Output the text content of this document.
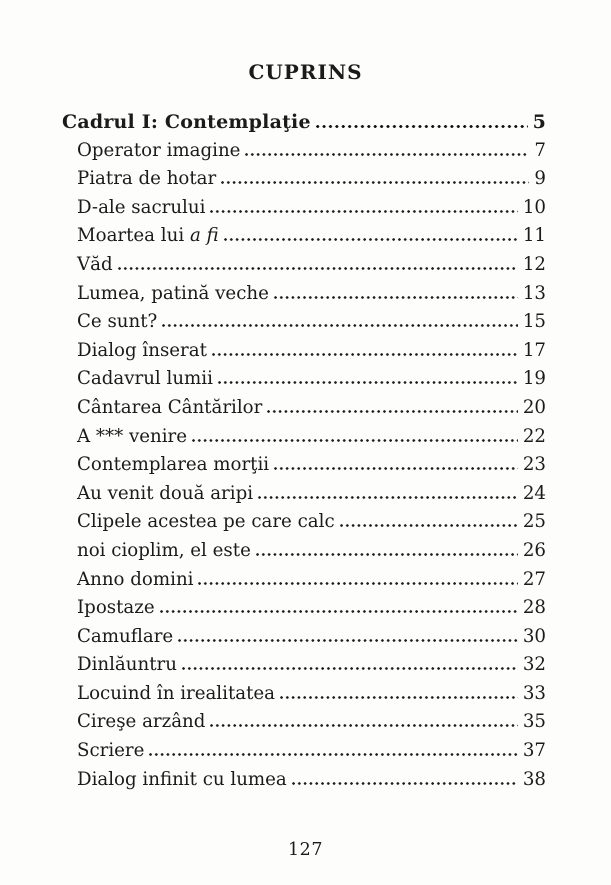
CUPRINS
Cadrul I: Contemplaţie	5
Operator imagine	7
Piatra de hotar	9
D-ale sacrului	10
Moartea lui a fi	11
Văd	12
Lumea, patină veche	13
Ce sunt?	15
Dialog înserat	17
Cadavrul lumii	19
Cântarea Cântărilor	20
A *** venire	22
Contemplarea morţii	23
Au venit două aripi	24
Clipele acestea pe care calc	25
noi cioplim, el este	26
Anno domini	27
Ipostaze	28
Camuflare	30
Dinlăuntru	32
Locuind în irealitatea	33
Cireşe arzând	35
Scriere	37
Dialog infinit cu lumea	38
127
